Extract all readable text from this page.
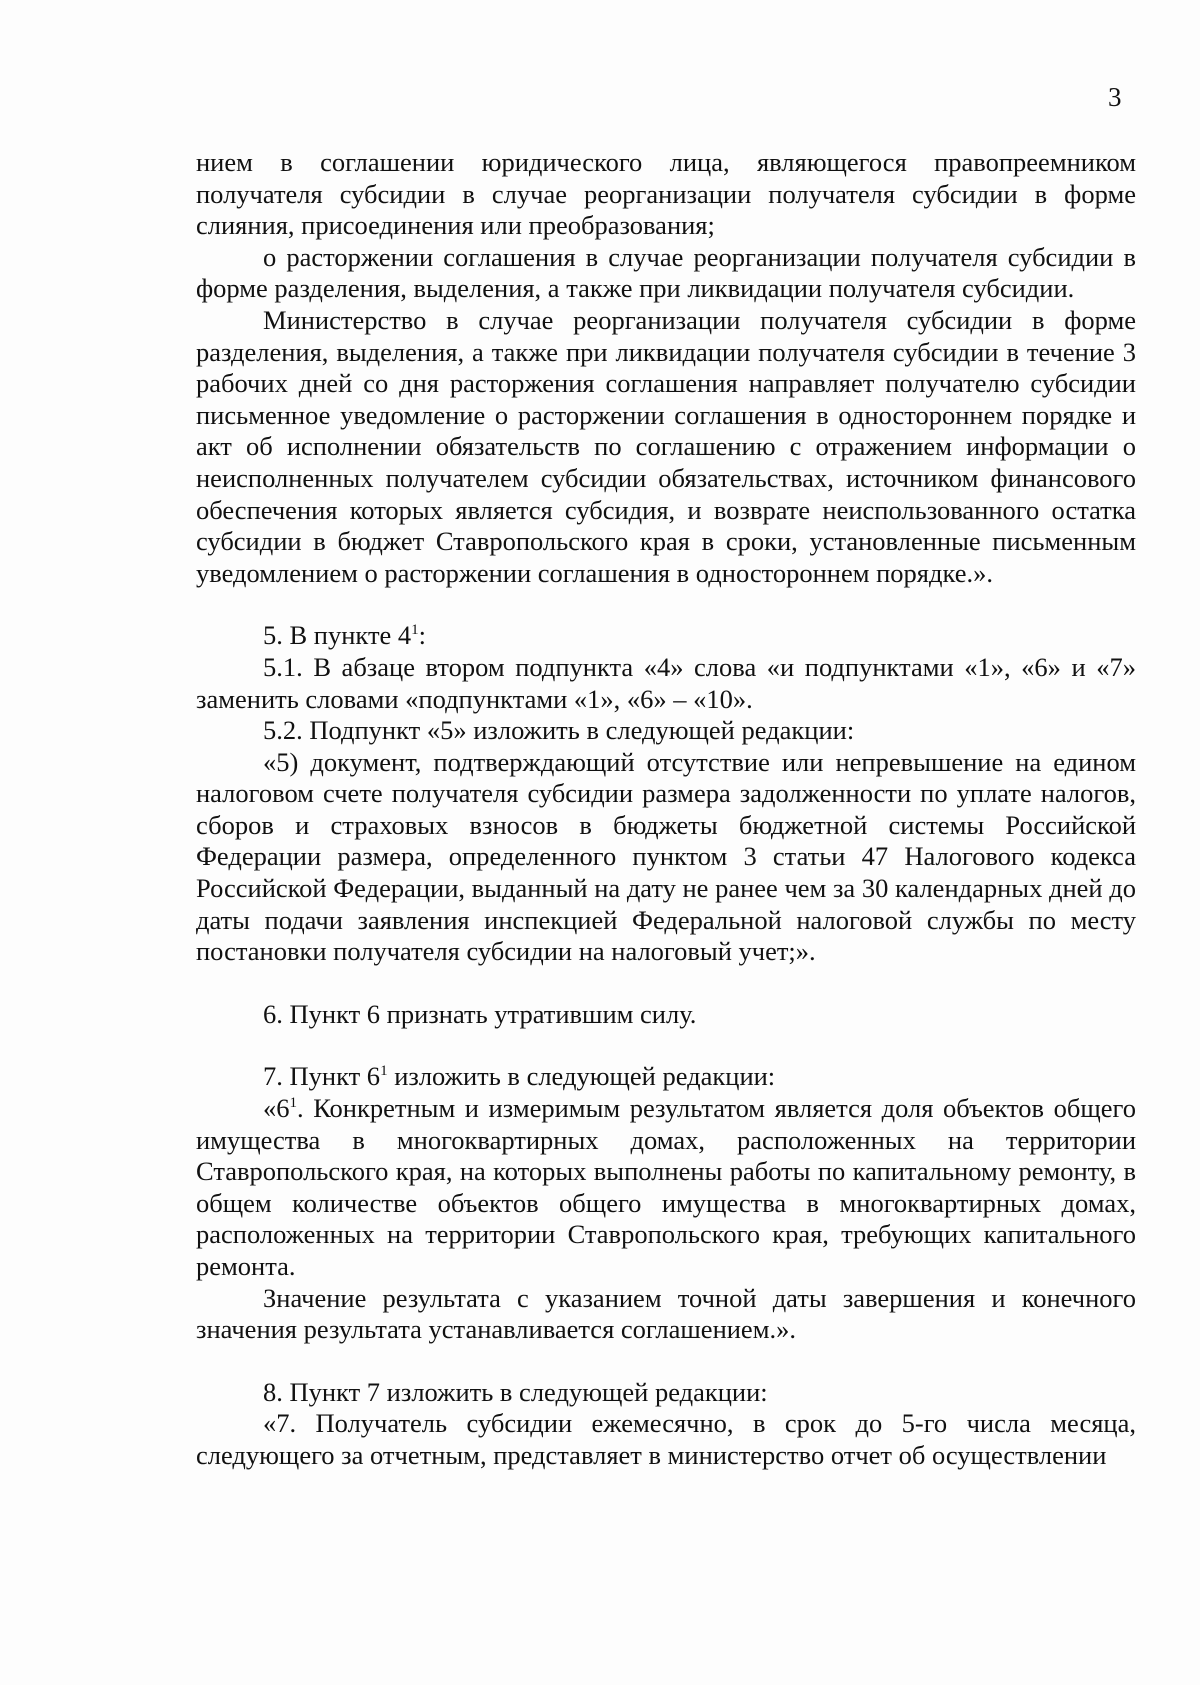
3

нием в соглашении юридического лица, являющегося правопреемником получателя субсидии в случае реорганизации получателя субсидии в форме слияния, присоединения или преобразования;

о расторжении соглашения в случае реорганизации получателя субсидии в форме разделения, выделения, а также при ликвидации получателя субсидии.

Министерство в случае реорганизации получателя субсидии в форме разделения, выделения, а также при ликвидации получателя субсидии в течение 3 рабочих дней со дня расторжения соглашения направляет получателю субсидии письменное уведомление о расторжении соглашения в одностороннем порядке и акт об исполнении обязательств по соглашению с отражением информации о неисполненных получателем субсидии обязательствах, источником финансового обеспечения которых является субсидия, и возврате неиспользованного остатка субсидии в бюджет Ставропольского края в сроки, установленные письменным уведомлением о расторжении соглашения в одностороннем порядке.».

5. В пункте $4^1$:

5.1. В абзаце втором подпункта «4» слова «и подпунктами «1», «6» и «7» заменить словами «подпунктами «1», «6» – «10».

5.2. Подпункт «5» изложить в следующей редакции:

«5) документ, подтверждающий отсутствие или непревышение на едином налоговом счете получателя субсидии размера задолженности по уплате налогов, сборов и страховых взносов в бюджеты бюджетной системы Российской Федерации размера, определенного пунктом 3 статьи 47 Налогового кодекса Российской Федерации, выданный на дату не ранее чем за 30 календарных дней до даты подачи заявления инспекцией Федеральной налоговой службы по месту постановки получателя субсидии на налоговый учет;».

6. Пункт 6 признать утратившим силу.

7. Пункт $6^1$ изложить в следующей редакции:

«$6^1$. Конкретным и измеримым результатом является доля объектов общего имущества в многоквартирных домах, расположенных на территории Ставропольского края, на которых выполнены работы по капитальному ремонту, в общем количестве объектов общего имущества в многоквартирных домах, расположенных на территории Ставропольского края, требующих капитального ремонта.

Значение результата с указанием точной даты завершения и конечного значения результата устанавливается соглашением.».

8. Пункт 7 изложить в следующей редакции:

«7. Получатель субсидии ежемесячно, в срок до 5-го числа месяца, следующего за отчетным, представляет в министерство отчет об осуществлении
